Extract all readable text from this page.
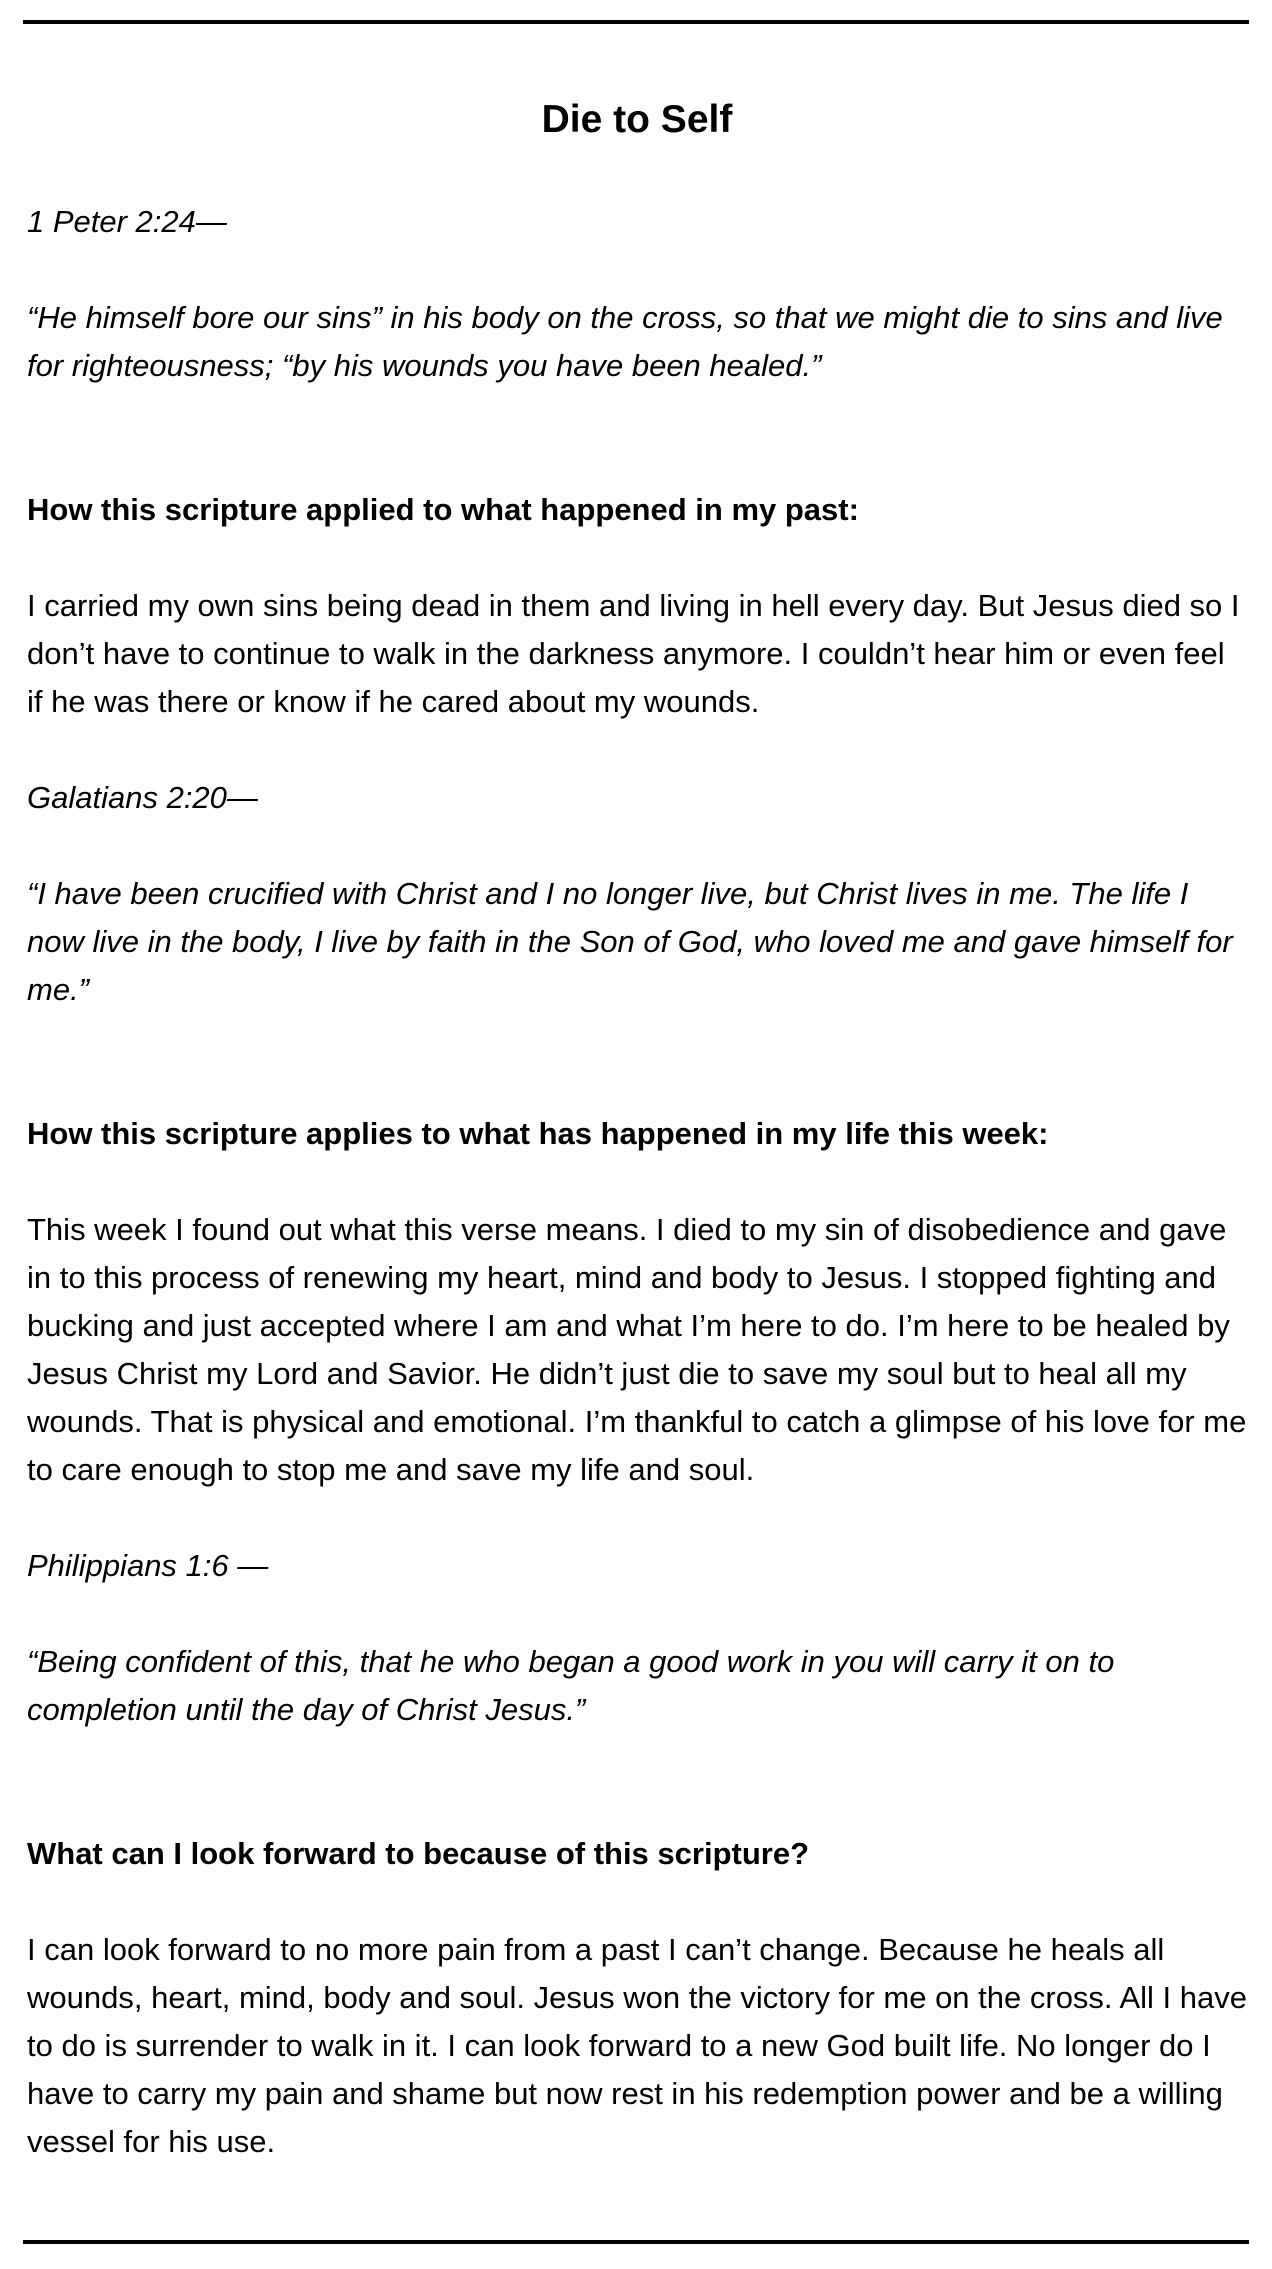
Die to Self

1 Peter 2:24—

“He himself bore our sins” in his body on the cross, so that we might die to sins and live for righteousness; “by his wounds you have been healed.”

How this scripture applied to what happened in my past:

I carried my own sins being dead in them and living in hell every day. But Jesus died so I don’t have to continue to walk in the darkness anymore. I couldn’t hear him or even feel if he was there or know if he cared about my wounds.

Galatians 2:20—

“I have been crucified with Christ and I no longer live, but Christ lives in me. The life I now live in the body, I live by faith in the Son of God, who loved me and gave himself for me.”

How this scripture applies to what has happened in my life this week:

This week I found out what this verse means. I died to my sin of disobedience and gave in to this process of renewing my heart, mind and body to Jesus. I stopped fighting and bucking and just accepted where I am and what I’m here to do. I’m here to be healed by Jesus Christ my Lord and Savior. He didn’t just die to save my soul but to heal all my wounds. That is physical and emotional. I’m thankful to catch a glimpse of his love for me to care enough to stop me and save my life and soul.

Philippians 1:6 —

“Being confident of this, that he who began a good work in you will carry it on to completion until the day of Christ Jesus.”

What can I look forward to because of this scripture?

I can look forward to no more pain from a past I can’t change. Because he heals all wounds, heart, mind, body and soul. Jesus won the victory for me on the cross. All I have to do is surrender to walk in it. I can look forward to a new God built life. No longer do I have to carry my pain and shame but now rest in his redemption power and be a willing vessel for his use.
